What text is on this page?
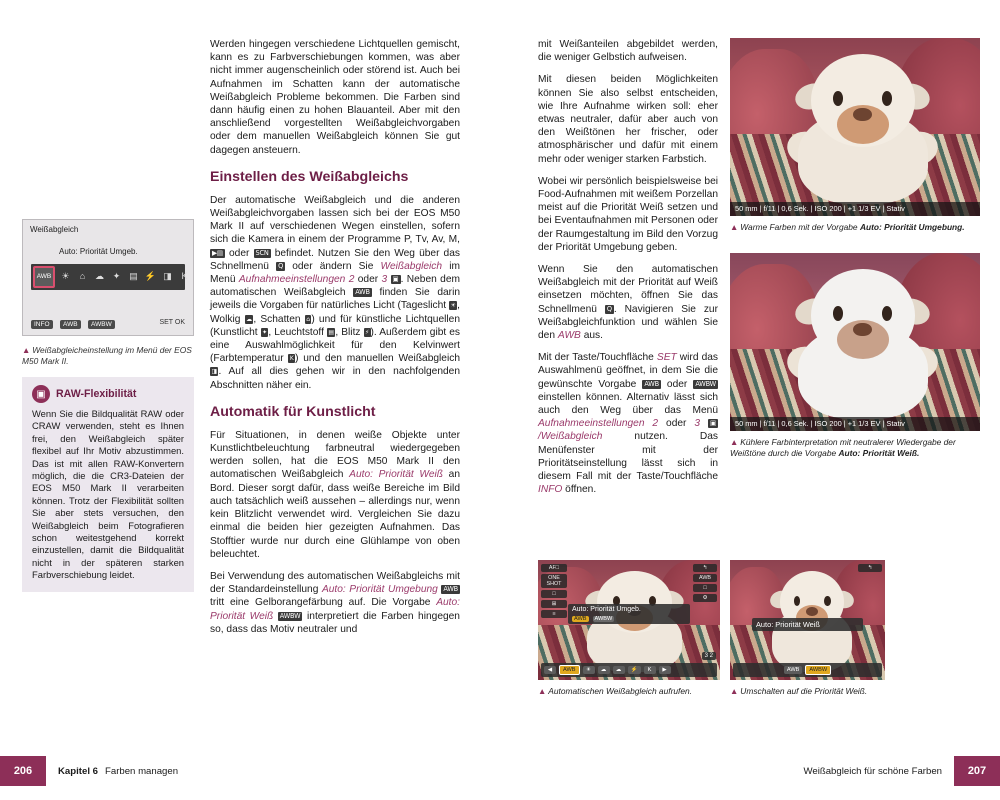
Weißabgleich
Auto: Priorität Umgeb.
AWB	☀	⌂	☁ ✦ ▤ ⚡ ◨	K
INFO AWB AWBW	SET OK
▲ Weißabgleicheinstellung im Menü der EOS M50 Mark II.
▣ RAW-Flexibilität

Wenn Sie die Bildqualität RAW oder CRAW verwenden, steht es Ihnen frei, den Weißabgleich später flexibel auf Ihr Motiv abzustimmen. Das ist mit allen RAW-Konvertern möglich, die die CR3-Dateien der EOS M50 Mark II verarbeiten können. Trotz der Flexibilität sollten Sie aber stets versuchen, den Weißabgleich beim Fotografieren schon weitestgehend korrekt einzustellen, damit die Bildqualität nicht in der späteren starken Farbverschiebung leidet.

Werden hingegen verschiedene Lichtquellen gemischt, kann es zu Farbverschiebungen kommen, was aber nicht immer augenscheinlich oder störend ist. Auch bei Aufnahmen im Schatten kann der automatische Weißabgleich Probleme bekommen. Die Farben sind dann häufig einen zu hohen Blauanteil. Aber mit den anschließend vorgestellten Weißabgleichvorgaben oder dem manuellen Weißabgleich können Sie gut dagegen ansteuern.

Einstellen des Weißabgleichs

Der automatische Weißabgleich und die anderen Weißabgleichvorgaben lassen sich bei der EOS M50 Mark II auf verschiedenen Wegen einstellen, sofern sich die Kamera in einem der Programme P, Tv, Av, M, ▶▤ oder SCN befindet. Nutzen Sie den Weg über das Schnellmenü Q oder ändern Sie Weißabgleich im Menü Aufnahmeeinstellungen 2 oder 3 ▣ . Neben dem automatischen Weißabgleich AWB finden Sie darin jeweils die Vorgaben für natürliches Licht (Tageslicht ☀ , Wolkig ☁ , Schatten ⌂ ) und für künstliche Lichtquellen (Kunstlicht ✦ , Leuchtstoff ▤ , Blitz ⚡ ). Außerdem gibt es eine Auswahlmöglichkeit für den Kelvinwert (Farbtemperatur K ) und den manuellen Weißabgleich ◨ . Auf all dies gehen wir in den nachfolgenden Abschnitten näher ein.

Automatik für Kunstlicht

Für Situationen, in denen weiße Objekte unter Kunstlichtbeleuchtung farbneutral wiedergegeben werden sollen, hat die EOS M50 Mark II den automatischen Weißabgleich Auto: Priorität Weiß an Bord. Dieser sorgt dafür, dass weiße Bereiche im Bild auch tatsächlich weiß aussehen – allerdings nur, wenn kein Blitzlicht verwendet wird. Vergleichen Sie dazu einmal die beiden hier gezeigten Aufnahmen. Das Stofftier wurde nur durch eine Glühlampe von oben beleuchtet.

Bei Verwendung des automatischen Weißabgleichs mit der Standardeinstellung Auto: Priorität Umgebung AWB tritt eine Gelborangefärbung auf. Die Vorgabe Auto: Priorität Weiß AWBW interpretiert die Farben hingegen so, dass das Motiv neutraler und

mit Weißanteilen abgebildet werden, die weniger Gelbstich aufweisen.

Mit diesen beiden Möglichkeiten können Sie also selbst entscheiden, wie Ihre Aufnahme wirken soll: eher etwas neutraler, dafür aber auch von den Weißtönen her frischer, oder atmosphärischer und dafür mit einem mehr oder weniger starken Farbstich.

Wobei wir persönlich beispielsweise bei Food-Aufnahmen mit weißem Porzellan meist auf die Priorität Weiß setzen und bei Eventaufnahmen mit Personen oder der Raumgestaltung im Bild den Vorzug der Priorität Umgebung geben.

Wenn Sie den automatischen Weißabgleich mit der Priorität auf Weiß einsetzen möchten, öffnen Sie das Schnellmenü Q . Navigieren Sie zur Weißabgleichfunktion und wählen Sie den AWB aus.

Mit der Taste/Touchfläche SET wird das Auswahlmenü geöffnet, in dem Sie die gewünschte Vorgabe AWB oder AWBW einstellen können. Alternativ lässt sich auch den Weg über das Menü Aufnahmeeinstellungen 2 oder 3 ▣/Weißabgleich nutzen. Das Menüfenster mit der Prioritätseinstellung lässt sich in diesem Fall mit der Taste/Touchfläche INFO öffnen.

50 mm | f/11 | 0,6 Sek. | ISO 200 | +1 1/3 EV | Stativ
▲ Warme Farben mit der Vorgabe Auto: Priorität Umgebung.
50 mm | f/11 | 0,6 Sek. | ISO 200 | +1 1/3 EV | Stativ
▲ Kühlere Farbinterpretation mit neutralerer Wiedergabe der Weißtöne durch die Vorgabe Auto: Priorität Weiß.
AF□
ONE SHOT
□
⊞
≡
↰
AWB
□
⚙
Auto: Priorität Umgeb.
AWB AWBW
3 2
◀	AWB	☀	☁	☁	⚡	K	▶
▲ Automatischen Weißabgleich aufrufen.
↰
Auto: Priorität Weiß
AWB	AWBW
▲ Umschalten auf die Priorität Weiß.
206	Kapitel 6 Farben managen	Weißabgleich für schöne Farben	207
